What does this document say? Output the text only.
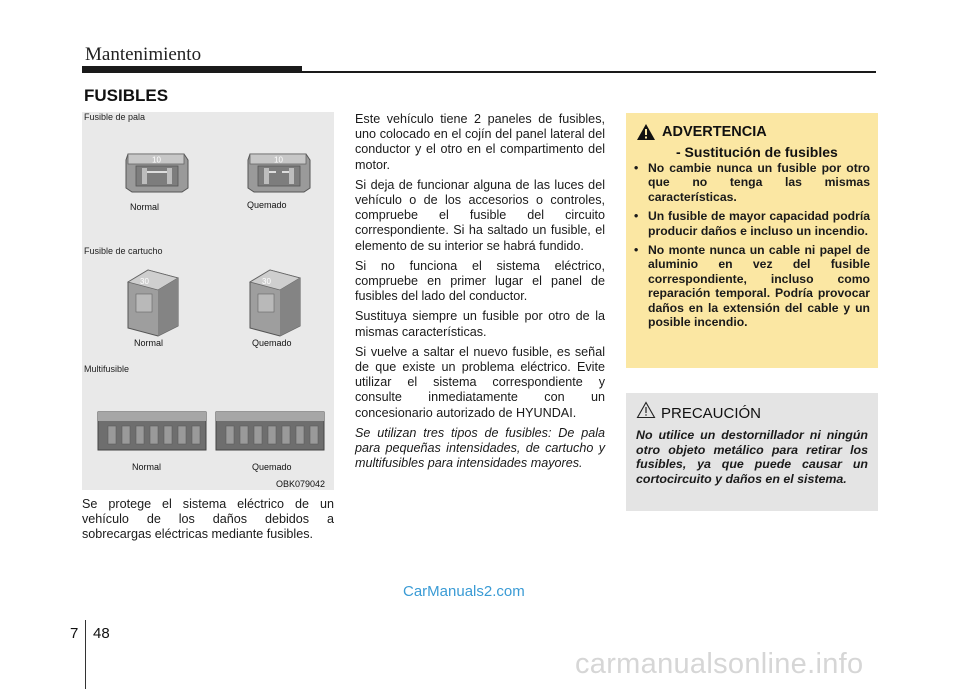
Mantenimiento
FUSIBLES
Fusible de pala
10	10
Normal	Quemado
Fusible de cartucho
30	30
Normal	Quemado
Multifusible
Normal	Quemado
OBK079042

Se protege el sistema eléctrico de un vehículo de los daños debidos a sobrecargas eléctricas mediante fusibles.

Este vehículo tiene 2 paneles de fusibles, uno colocado en el cojín del panel lateral del conductor y el otro en el compartimento del motor.

Si deja de funcionar alguna de las luces del vehículo o de los accesorios o controles, compruebe el fusible del circuito correspondiente. Si ha saltado un fusible, el elemento de su interior se habrá fundido.

Si no funciona el sistema eléctrico, compruebe en primer lugar el panel de fusibles del lado del conductor.

Sustituya siempre un fusible por otro de la mismas características.

Si vuelve a saltar el nuevo fusible, es señal de que existe un problema eléctrico. Evite utilizar el sistema correspondiente y consulte inmediatamente con un concesionario autorizado de HYUNDAI.

Se utilizan tres tipos de fusibles: De pala para pequeñas intensidades, de cartucho y multifusibles para intensidades mayores.

ADVERTENCIA
- Sustitución de fusibles
• No cambie nunca un fusible por otro que no tenga las mismas características.
• Un fusible de mayor capacidad podría producir daños e incluso un incendio.
• No monte nunca un cable ni papel de aluminio en vez del fusible correspondiente, incluso como reparación temporal. Podría provocar daños en la extensión del cable y un posible incendio.
PRECAUCIÓN
No utilice un destornillador ni ningún otro objeto metálico para retirar los fusibles, ya que puede causar un cortocircuito y daños en el sistema.
CarManuals2.com
7 48
carmanualsonline.info
